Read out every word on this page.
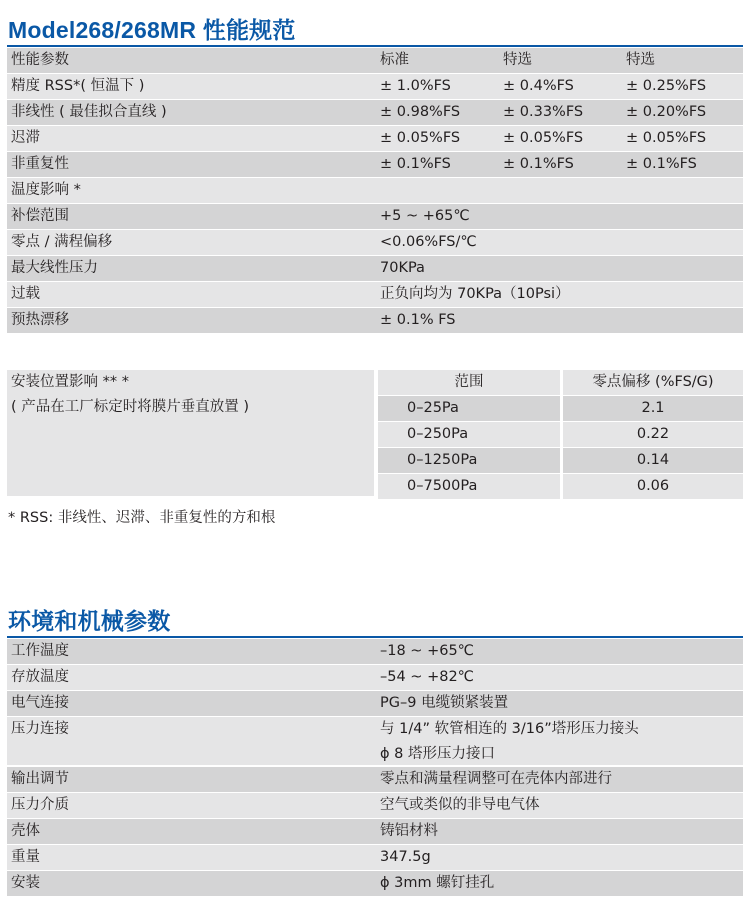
Model268/268MR 性能规范
性能参数	标准	特选	特选
精度 RSS*( 恒温下 )	± 1.0%FS	± 0.4%FS	± 0.25%FS
非线性 ( 最佳拟合直线 )	± 0.98%FS	± 0.33%FS	± 0.20%FS
迟滞	± 0.05%FS	± 0.05%FS	± 0.05%FS
非重复性	± 0.1%FS	± 0.1%FS	± 0.1%FS
温度影响 *
补偿范围	+5 ~ +65℃
零点 / 满程偏移	<0.06%FS/℃
最大线性压力	70KPa
过载	正负向均为 70KPa（10Psi）
预热漂移	± 0.1% FS
安装位置影响 ** *
( 产品在工厂标定时将膜片垂直放置 )
范围	零点偏移 (%FS/G)
0–25Pa	2.1
0–250Pa	0.22
0–1250Pa	0.14
0–7500Pa	0.06
* RSS: 非线性、迟滞、非重复性的方和根
环境和机械参数
工作温度	–18 ~ +65℃
存放温度	–54 ~ +82℃
电气连接	PG–9 电缆锁紧装置
压力连接	与 1/4” 软管相连的 3/16”塔形压力接头
ϕ 8 塔形压力接口
输出调节	零点和满量程调整可在壳体内部进行
压力介质	空气或类似的非导电气体
壳体	铸铝材料
重量	347.5g
安装	ϕ 3mm 螺钉挂孔
